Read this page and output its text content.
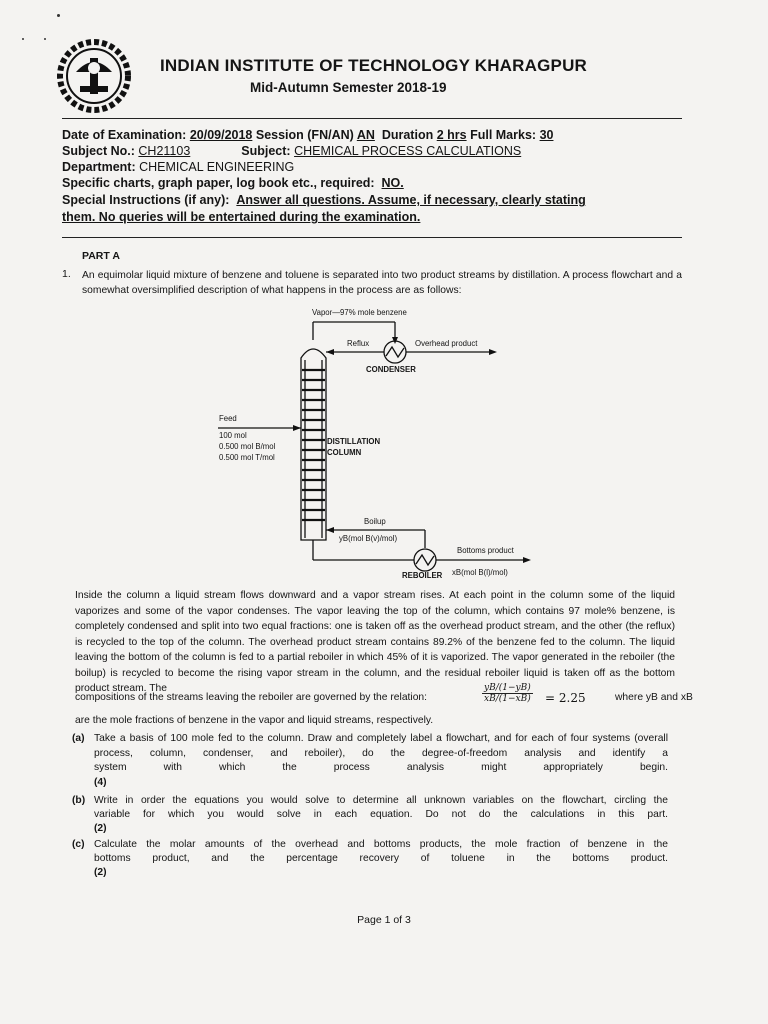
INDIAN INSTITUTE OF TECHNOLOGY KHARAGPUR
Mid-Autumn Semester 2018-19
Date of Examination: 20/09/2018 Session (FN/AN) AN Duration 2 hrs Full Marks: 30
Subject No.: CH21103	Subject: CHEMICAL PROCESS CALCULATIONS
Department: CHEMICAL ENGINEERING
Specific charts, graph paper, log book etc., required: NO.
Special Instructions (if any): Answer all questions. Assume, if necessary, clearly stating
them. No queries will be entertained during the examination.
PART A
1. An equimolar liquid mixture of benzene and toluene is separated into two product streams by distillation. A process flowchart and a somewhat oversimplified description of what happens in the process are as follows:
Vapor—97% mole benzene
Reflux	Overhead product
CONDENSER
Feed
100 mol
0.500 mol B/mol
0.500 mol T/mol
DISTILLATION
COLUMN
Boilup
yB(mol B(v)/mol)
Bottoms product
REBOILER xB(mol B(l)/mol)
Inside the column a liquid stream flows downward and a vapor stream rises. At each point in the column some of the liquid vaporizes and some of the vapor condenses. The vapor leaving the top of the column, which contains 97 mole% benzene, is completely condensed and split into two equal fractions: one is taken off as the overhead product stream, and the other (the reflux) is recycled to the top of the column. The overhead product stream contains 89.2% of the benzene fed to the column. The liquid leaving the bottom of the column is fed to a partial reboiler in which 45% of it is vaporized. The vapor generated in the reboiler (the boilup) is recycled to become the rising vapor stream in the column, and the residual reboiler liquid is taken off as the bottom product stream. The
compositions of the streams leaving the reboiler are governed by the relation:	$\frac{yB/(1-yB)}{xB/(1-xB)} = 2.25$	where yB and xB
are the mole fractions of benzene in the vapor and liquid streams, respectively.
(a) Take a basis of 100 mole fed to the column. Draw and completely label a flowchart, and for each of four systems (overall process, column, condenser, and reboiler), do the degree-of-freedom analysis and identify a
system with which the process analysis might appropriately begin.
(4)
(b) Write in order the equations you would solve to determine all unknown variables on the flowchart, circling the
variable for which you would solve in each equation. Do not do the calculations in this part.
(2)
(c) Calculate the molar amounts of the overhead and bottoms products, the mole fraction of benzene in the
bottoms product, and the percentage recovery of toluene in the bottoms product.
(2)
Page 1 of 3
